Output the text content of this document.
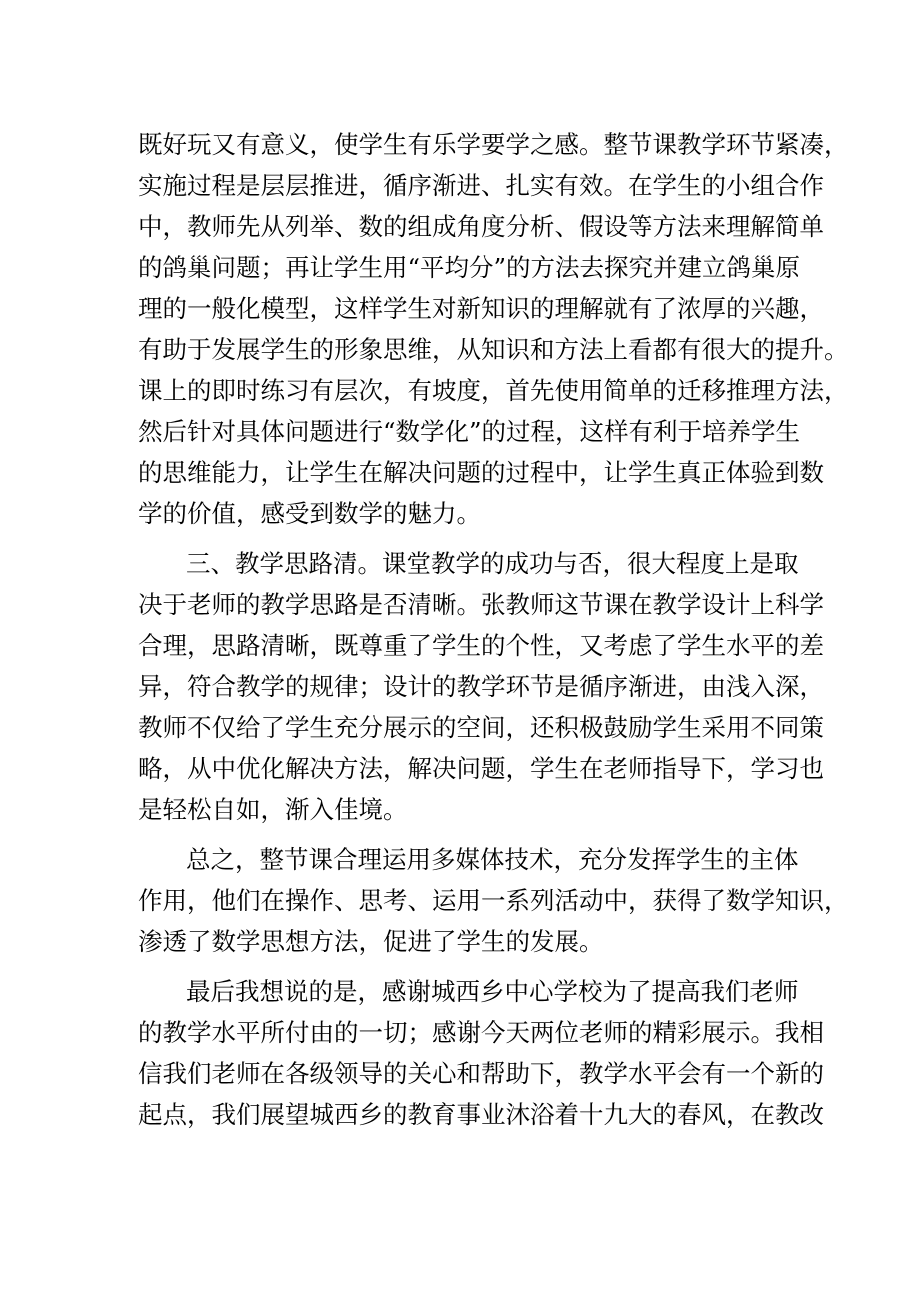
既好玩又有意义，使学生有乐学要学之感。整节课教学环节紧凑，
实施过程是层层推进，循序渐进、扎实有效。在学生的小组合作
中，教师先从列举、数的组成角度分析、假设等方法来理解简单
的鸽巢问题；再让学生用“平均分”的方法去探究并建立鸽巢原
理的一般化模型，这样学生对新知识的理解就有了浓厚的兴趣，
有助于发展学生的形象思维，从知识和方法上看都有很大的提升。
课上的即时练习有层次，有坡度，首先使用简单的迁移推理方法，
然后针对具体问题进行“数学化”的过程，这样有利于培养学生
的思维能力，让学生在解决问题的过程中，让学生真正体验到数
学的价值，感受到数学的魅力。
三、教学思路清。课堂教学的成功与否，很大程度上是取
决于老师的教学思路是否清晰。张教师这节课在教学设计上科学
合理，思路清晰，既尊重了学生的个性，又考虑了学生水平的差
异，符合教学的规律；设计的教学环节是循序渐进，由浅入深，
教师不仅给了学生充分展示的空间，还积极鼓励学生采用不同策
略，从中优化解决方法，解决问题，学生在老师指导下，学习也
是轻松自如，渐入佳境。
总之，整节课合理运用多媒体技术，充分发挥学生的主体
作用，他们在操作、思考、运用一系列活动中，获得了数学知识，
渗透了数学思想方法，促进了学生的发展。
最后我想说的是，感谢城西乡中心学校为了提高我们老师
的教学水平所付由的一切；感谢今天两位老师的精彩展示。我相
信我们老师在各级领导的关心和帮助下，教学水平会有一个新的
起点，我们展望城西乡的教育事业沐浴着十九大的春风，在教改
